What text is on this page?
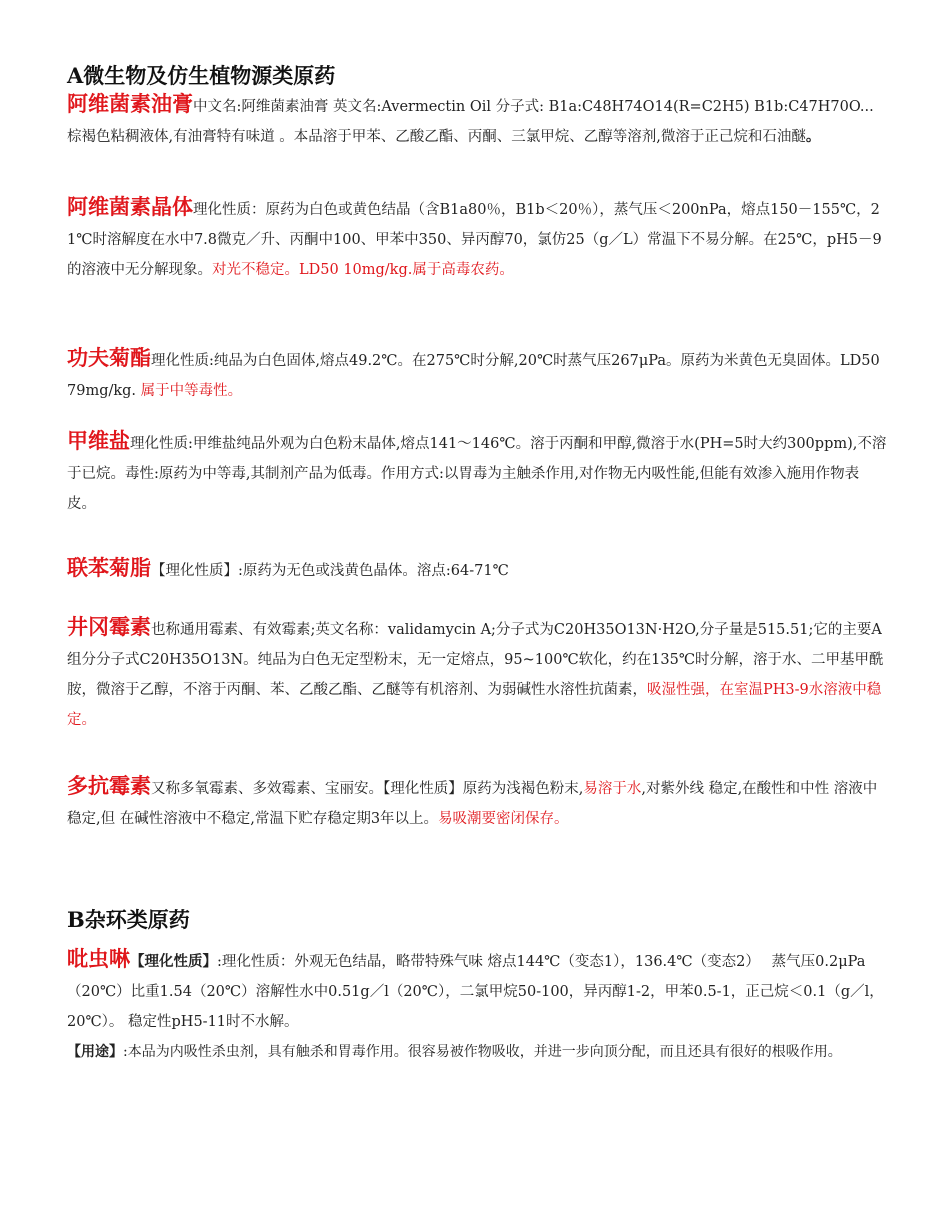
A微生物及仿生植物源类原药

阿维菌素油膏中文名:阿维菌素油膏 英文名:Avermectin Oil 分子式: B1a:C48H74O14(R=C2H5) B1b:C47H70O...棕褐色粘稠液体,有油膏特有味道 。本品溶于甲苯、乙酸乙酯、丙酮、三氯甲烷、乙醇等溶剂,微溶于正己烷和石油醚。

阿维菌素晶体理化性质：原药为白色或黄色结晶（含B1a80％，B1b＜20％），蒸气压＜200nPa，熔点150－155℃，21℃时溶解度在水中7.8微克／升、丙酮中100、甲苯中350、异丙醇70，氯仿25（g／L）常温下不易分解。在25℃，pH5－9的溶液中无分解现象。对光不稳定。LD50 10mg/kg.属于高毒农药。

功夫菊酯理化性质:纯品为白色固体,熔点49.2℃。在275℃时分解,20℃时蒸气压267μPa。原药为米黄色无臭固体。LD50 79mg/kg. 属于中等毒性。

甲维盐理化性质:甲维盐纯品外观为白色粉末晶体,熔点141～146℃。溶于丙酮和甲醇,微溶于水(PH=5时大约300ppm),不溶于已烷。毒性:原药为中等毒,其制剂产品为低毒。作用方式:以胃毒为主触杀作用,对作物无内吸性能,但能有效渗入施用作物表皮。

联苯菊脂【理化性质】:原药为无色或浅黄色晶体。溶点:64-71℃

井冈霉素也称通用霉素、有效霉素;英文名称：validamycin A;分子式为C20H35O13N·H2O,分子量是515.51;它的主要A组分分子式C20H35O13N。纯品为白色无定型粉末，无一定熔点，95~100℃软化，约在135℃时分解，溶于水、二甲基甲酰胺，微溶于乙醇，不溶于丙酮、苯、乙酸乙酯、乙醚等有机溶剂、为弱碱性水溶性抗菌素，吸湿性强，在室温PH3-9水溶液中稳定。

多抗霉素又称多氧霉素、多效霉素、宝丽安。【理化性质】原药为浅褐色粉末,易溶于水,对紫外线 稳定,在酸性和中性 溶液中稳定,但 在碱性溶液中不稳定,常温下贮存稳定期3年以上。易吸潮要密闭保存。

B杂环类原药

吡虫啉【理化性质】:理化性质：外观无色结晶，略带特殊气味 熔点144℃（变态1），136.4℃（变态2）　 蒸气压0.2μPa（20℃）比重1.54（20℃）溶解性水中0.51g／l（20℃），二氯甲烷50-100，异丙醇1-2，甲苯0.5-1，正己烷＜0.1（g／l，20℃）。 稳定性pH5-11时不水解。

【用途】:本品为内吸性杀虫剂，具有触杀和胃毒作用。很容易被作物吸收，并进一步向顶分配，而且还具有很好的根吸作用。
